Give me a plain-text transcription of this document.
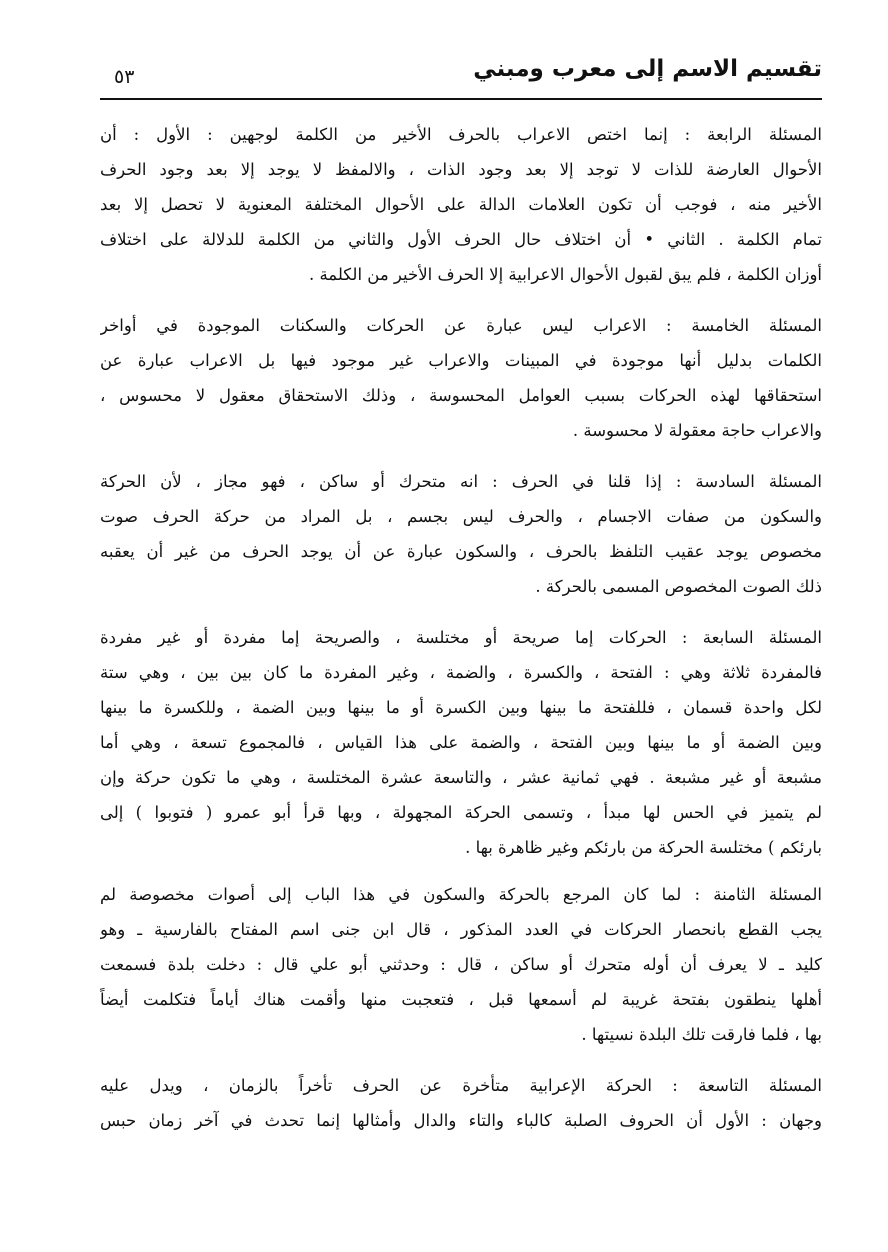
تقسيم الاسم إلى معرب ومبني
٥٣
المسئلة الرابعة : إنما اختص الاعراب بالحرف الأخير من الكلمة لوجهين : الأول : أن
الأحوال العارضة للذات لا توجد إلا بعد وجود الذات ، والالمفظ لا يوجد إلا بعد وجود الحرف
الأخير منه ، فوجب أن تكون العلامات الدالة على الأحوال المختلفة المعنوية لا تحصل إلا بعد
تمام الكلمة . الثاني • أن اختلاف حال الحرف الأول والثاني من الكلمة للدلالة على اختلاف
أوزان الكلمة ، فلم يبق لقبول الأحوال الاعرابية إلا الحرف الأخير من الكلمة .
المسئلة الخامسة : الاعراب ليس عبارة عن الحركات والسكنات الموجودة في أواخر
الكلمات بدليل أنها موجودة في المبينات والاعراب غير موجود فيها بل الاعراب عبارة عن
استحقاقها لهذه الحركات بسبب العوامل المحسوسة ، وذلك الاستحقاق معقول لا محسوس ،
والاعراب حاجة معقولة لا محسوسة .
المسئلة السادسة : إذا قلنا في الحرف : انه متحرك أو ساكن ، فهو مجاز ، لأن الحركة
والسكون من صفات الاجسام ، والحرف ليس بجسم ، بل المراد من حركة الحرف صوت
مخصوص يوجد عقيب التلفظ بالحرف ، والسكون عبارة عن أن يوجد الحرف من غير أن يعقبه
ذلك الصوت المخصوص المسمى بالحركة .
المسئلة السابعة : الحركات إما صريحة أو مختلسة ، والصريحة إما مفردة أو غير مفردة
فالمفردة ثلاثة وهي : الفتحة ، والكسرة ، والضمة ، وغير المفردة ما كان بين بين ، وهي ستة
لكل واحدة قسمان ، فللفتحة ما بينها وبين الكسرة أو ما بينها وبين الضمة ، وللكسرة ما بينها
وبين الضمة أو ما بينها وبين الفتحة ، والضمة على هذا القياس ، فالمجموع تسعة ، وهي أما
مشبعة أو غير مشبعة . فهي ثمانية عشر ، والتاسعة عشرة المختلسة ، وهي ما تكون حركة وإن
لم يتميز في الحس لها مبدأ ، وتسمى الحركة المجهولة ، وبها قرأ أبو عمرو ( فتوبوا ) إلى
بارئكم ) مختلسة الحركة من بارئكم وغير ظاهرة بها .
المسئلة الثامنة : لما كان المرجع بالحركة والسكون في هذا الباب إلى أصوات مخصوصة لم
يجب القطع بانحصار الحركات في العدد المذكور ، قال ابن جنى اسم المفتاح بالفارسية ـ وهو
كليد ـ لا يعرف أن أوله متحرك أو ساكن ، قال : وحدثني أبو علي قال : دخلت بلدة فسمعت
أهلها ينطقون بفتحة غريبة لم أسمعها قبل ، فتعجبت منها وأقمت هناك أياماً فتكلمت أيضاً
بها ، فلما فارقت تلك البلدة نسيتها .
المسئلة التاسعة : الحركة الإعرابية متأخرة عن الحرف تأخراً بالزمان ، ويدل عليه
وجهان : الأول أن الحروف الصلبة كالباء والتاء والدال وأمثالها إنما تحدث في آخر زمان حبس
